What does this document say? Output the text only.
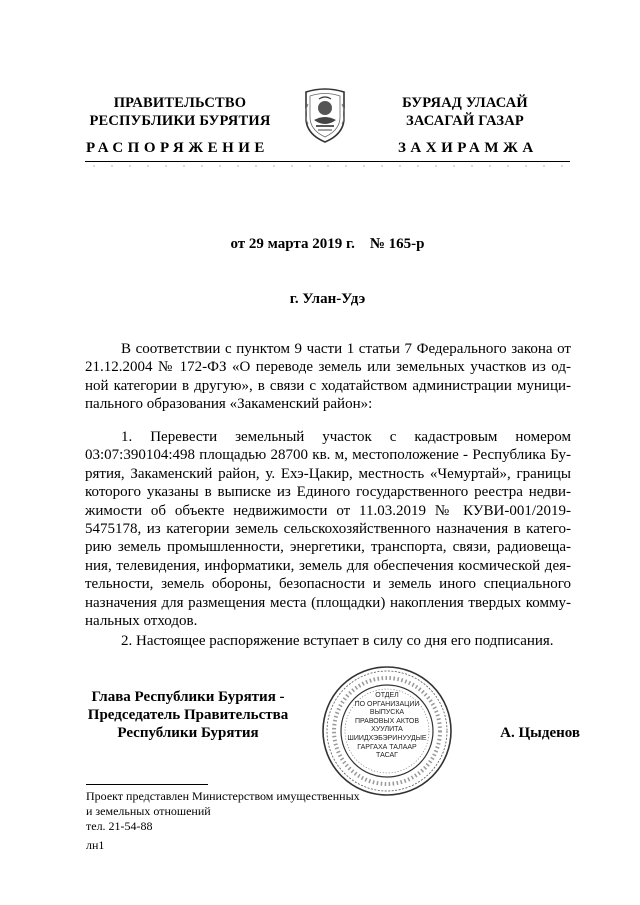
ПРАВИТЕЛЬСТВО
РЕСПУБЛИКИ БУРЯТИЯ
БУРЯАД УЛАСАЙ
ЗАСАГАЙ ГАЗАР
РАСПОРЯЖЕНИЕ	ЗАХИРАМЖА
от 29 марта 2019 г.    № 165-р
г. Улан-Удэ
В соответствии с пунктом 9 части 1 статьи 7 Федерального закона от
21.12.2004 № 172-ФЗ «О переводе земель или земельных участков из од-
ной категории в другую», в связи с ходатайством администрации муници-
пального образования «Закаменский район»:
1. Перевести земельный участок с кадастровым номером
03:07:390104:498 площадью 28700 кв. м, местоположение - Республика Бу-
рятия, Закаменский район, у. Ехэ-Цакир, местность «Чемуртай», границы
которого указаны в выписке из Единого государственного реестра недви-
жимости об объекте недвижимости от 11.03.2019 № КУВИ-001/2019-
5475178, из категории земель сельскохозяйственного назначения в катего-
рию земель промышленности, энергетики, транспорта, связи, радиовеща-
ния, телевидения, информатики, земель для обеспечения космической дея-
тельности, земель обороны, безопасности и земель иного специального
назначения для размещения места (площадки) накопления твердых комму-
нальных отходов.
2. Настоящее распоряжение вступает в силу со дня его подписания.
Глава Республики Бурятия -
Председатель Правительства
Республики Бурятия
ОТДЕЛ
ПО ОРГАНИЗАЦИИ
ВЫПУСКА
ПРАВОВЫХ АКТОВ
ХУУЛИТА
ШИИДХЭБЭРИНУУДЫЕ
ГАРГАХА ТАЛААР
ТАСАГ
А. Цыденов
Проект представлен Министерством имущественных
и земельных отношений
тел. 21-54-88
лн1
